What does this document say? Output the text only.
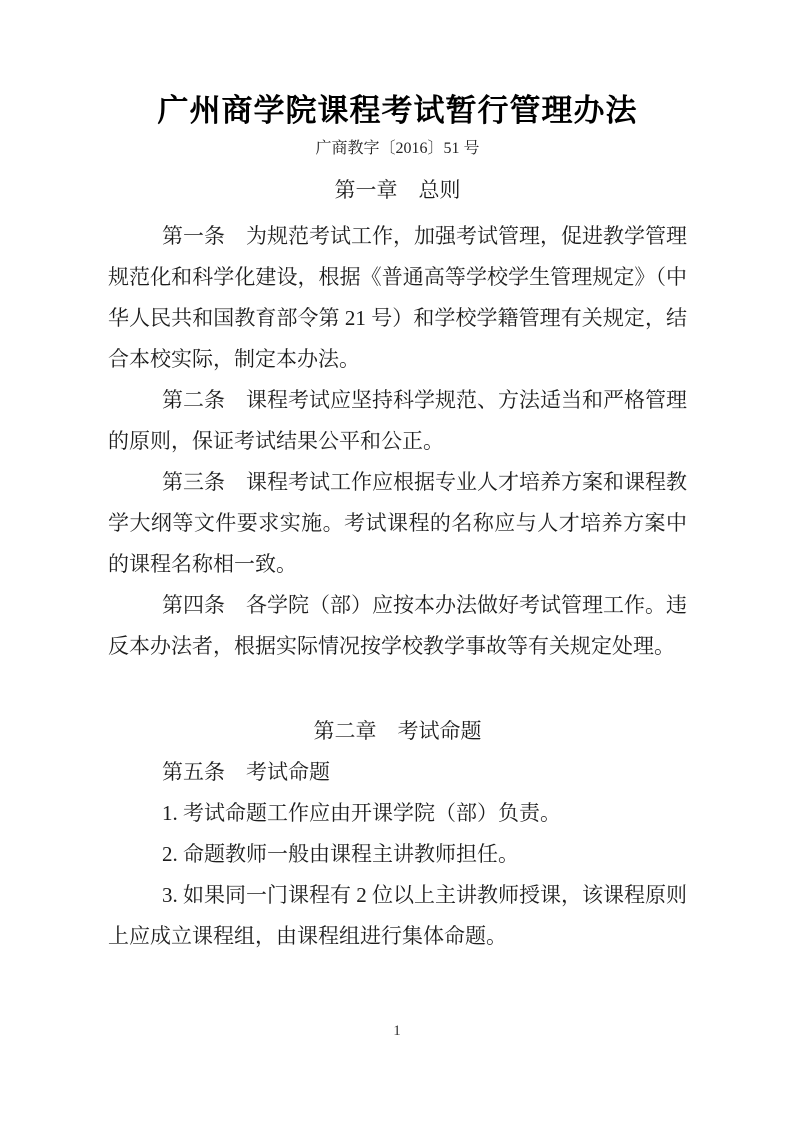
广州商学院课程考试暂行管理办法
广商教字〔2016〕51 号
第一章　总则

第一条　为规范考试工作，加强考试管理，促进教学管理规范化和科学化建设，根据《普通高等学校学生管理规定》（中华人民共和国教育部令第 21 号）和学校学籍管理有关规定，结合本校实际，制定本办法。

第二条　课程考试应坚持科学规范、方法适当和严格管理的原则，保证考试结果公平和公正。

第三条　课程考试工作应根据专业人才培养方案和课程教学大纲等文件要求实施。考试课程的名称应与人才培养方案中的课程名称相一致。

第四条　各学院（部）应按本办法做好考试管理工作。违反本办法者，根据实际情况按学校教学事故等有关规定处理。

第二章　考试命题

第五条　考试命题

1. 考试命题工作应由开课学院（部）负责。

2. 命题教师一般由课程主讲教师担任。

3. 如果同一门课程有 2 位以上主讲教师授课，该课程原则上应成立课程组，由课程组进行集体命题。

1
